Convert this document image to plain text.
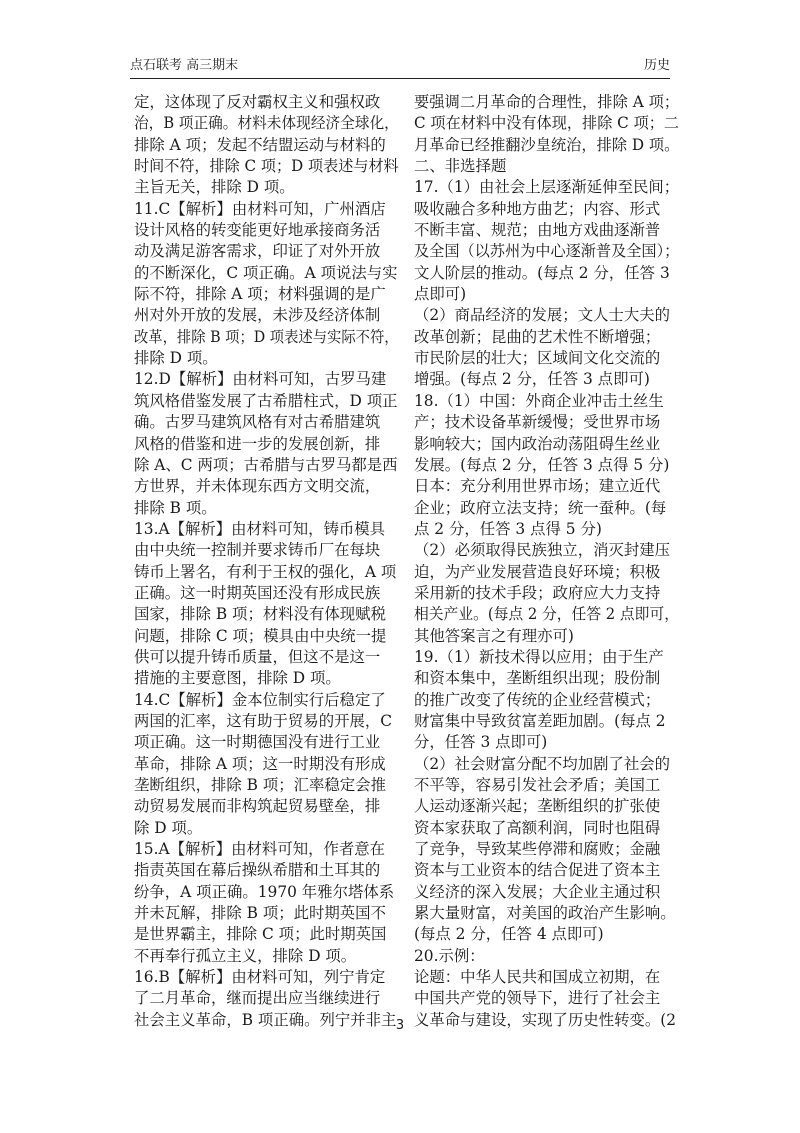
点石联考 高三期末	历史
定，这体现了反对霸权主义和强权政
治，B 项正确。材料未体现经济全球化，
排除 A 项；发起不结盟运动与材料的
时间不符，排除 C 项；D 项表述与材料
主旨无关，排除 D 项。
11.C【解析】由材料可知，广州酒店
设计风格的转变能更好地承接商务活
动及满足游客需求，印证了对外开放
的不断深化，C 项正确。A 项说法与实
际不符，排除 A 项；材料强调的是广
州对外开放的发展，未涉及经济体制
改革，排除 B 项；D 项表述与实际不符，
排除 D 项。
12.D【解析】由材料可知，古罗马建
筑风格借鉴发展了古希腊柱式，D 项正
确。古罗马建筑风格有对古希腊建筑
风格的借鉴和进一步的发展创新，排
除 A、C 两项；古希腊与古罗马都是西
方世界，并未体现东西方文明交流，
排除 B 项。
13.A【解析】由材料可知，铸币模具
由中央统一控制并要求铸币厂在每块
铸币上署名，有利于王权的强化，A 项
正确。这一时期英国还没有形成民族
国家，排除 B 项；材料没有体现赋税
问题，排除 C 项；模具由中央统一提
供可以提升铸币质量，但这不是这一
措施的主要意图，排除 D 项。
14.C【解析】金本位制实行后稳定了
两国的汇率，这有助于贸易的开展，C
项正确。这一时期德国没有进行工业
革命，排除 A 项；这一时期没有形成
垄断组织，排除 B 项；汇率稳定会推
动贸易发展而非构筑起贸易壁垒，排
除 D 项。
15.A【解析】由材料可知，作者意在
指责英国在幕后操纵希腊和土耳其的
纷争，A 项正确。1970 年雅尔塔体系
并未瓦解，排除 B 项；此时期英国不
是世界霸主，排除 C 项；此时期英国
不再奉行孤立主义，排除 D 项。
16.B【解析】由材料可知，列宁肯定
了二月革命，继而提出应当继续进行
社会主义革命，B 项正确。列宁并非主
要强调二月革命的合理性，排除 A 项；
C 项在材料中没有体现，排除 C 项；二
月革命已经推翻沙皇统治，排除 D 项。
二、非选择题
17.（1）由社会上层逐渐延伸至民间；
吸收融合多种地方曲艺；内容、形式
不断丰富、规范；由地方戏曲逐渐普
及全国（以苏州为中心逐渐普及全国）；
文人阶层的推动。(每点 2 分，任答 3
点即可)
（2）商品经济的发展；文人士大夫的
改革创新；昆曲的艺术性不断增强；
市民阶层的壮大；区域间文化交流的
增强。(每点 2 分，任答 3 点即可)
18.（1）中国：外商企业冲击土丝生
产；技术设备革新缓慢；受世界市场
影响较大；国内政治动荡阻碍生丝业
发展。(每点 2 分，任答 3 点得 5 分)
日本：充分利用世界市场；建立近代
企业；政府立法支持；统一蚕种。(每
点 2 分，任答 3 点得 5 分)
（2）必须取得民族独立，消灭封建压
迫，为产业发展营造良好环境；积极
采用新的技术手段；政府应大力支持
相关产业。(每点 2 分，任答 2 点即可，
其他答案言之有理亦可)
19.（1）新技术得以应用；由于生产
和资本集中，垄断组织出现；股份制
的推广改变了传统的企业经营模式；
财富集中导致贫富差距加剧。(每点 2
分，任答 3 点即可)
（2）社会财富分配不均加剧了社会的
不平等，容易引发社会矛盾；美国工
人运动逐渐兴起；垄断组织的扩张使
资本家获取了高额利润，同时也阻碍
了竞争，导致某些停滞和腐败；金融
资本与工业资本的结合促进了资本主
义经济的深入发展；大企业主通过积
累大量财富，对美国的政治产生影响。
(每点 2 分，任答 4 点即可)
20.示例：
论题：中华人民共和国成立初期，在
中国共产党的领导下，进行了社会主
义革命与建设，实现了历史性转变。(2
3
